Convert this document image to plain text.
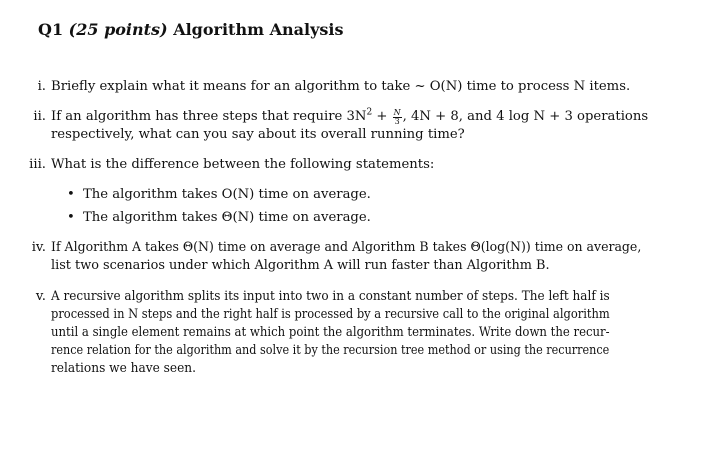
Q1 (25 points) Algorithm Analysis
i. Briefly explain what it means for an algorithm to take ~ O(N) time to process N items.
ii. If an algorithm has three steps that require $3N^2 + \frac{N}{3}$ , 4N + 8, and 4 log N + 3 operations
respectively, what can you say about its overall running time?
iii. What is the difference between the following statements:
• The algorithm takes O(N) time on average.
• The algorithm takes Θ(N) time on average.
iv. If Algorithm A takes Θ(N) time on average and Algorithm B takes Θ(log(N)) time on average,
list two scenarios under which Algorithm A will run faster than Algorithm B.
v. A recursive algorithm splits its input into two in a constant number of steps. The left half is processed in N steps and the right half is processed by a recursive call to the original algorithm until a single element remains at which point the algorithm terminates. Write down the recur- rence relation for the algorithm and solve it by the recursion tree method or using the recurrence
relations we have seen.
